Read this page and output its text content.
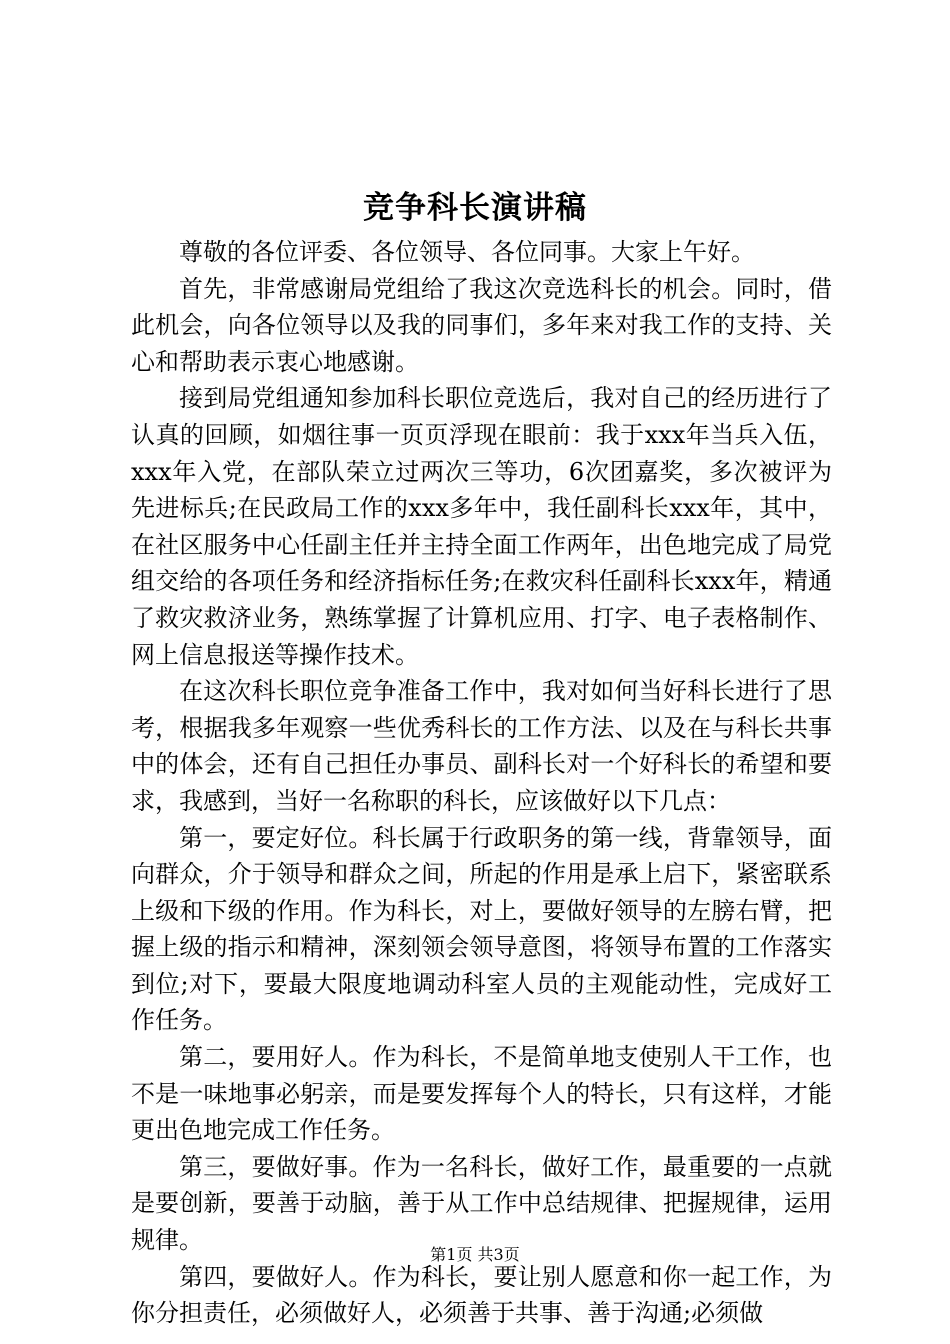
竞争科长演讲稿

尊敬的各位评委、各位领导、各位同事。大家上午好。

首先，非常感谢局党组给了我这次竞选科长的机会。同时，借此机会，向各位领导以及我的同事们，多年来对我工作的支持、关心和帮助表示衷心地感谢。

接到局党组通知参加科长职位竞选后，我对自己的经历进行了认真的回顾，如烟往事一页页浮现在眼前：我于xxx年当兵入伍，xxx年入党，在部队荣立过两次三等功，6次团嘉奖，多次被评为先进标兵;在民政局工作的xxx多年中，我任副科长xxx年，其中，在社区服务中心任副主任并主持全面工作两年，出色地完成了局党组交给的各项任务和经济指标任务;在救灾科任副科长xxx年，精通了救灾救济业务，熟练掌握了计算机应用、打字、电子表格制作、网上信息报送等操作技术。

在这次科长职位竞争准备工作中，我对如何当好科长进行了思考，根据我多年观察一些优秀科长的工作方法、以及在与科长共事中的体会，还有自己担任办事员、副科长对一个好科长的希望和要求，我感到，当好一名称职的科长，应该做好以下几点：

第一，要定好位。科长属于行政职务的第一线，背靠领导，面向群众，介于领导和群众之间，所起的作用是承上启下，紧密联系上级和下级的作用。作为科长，对上，要做好领导的左膀右臂，把握上级的指示和精神，深刻领会领导意图，将领导布置的工作落实到位;对下，要最大限度地调动科室人员的主观能动性，完成好工作任务。

第二，要用好人。作为科长，不是简单地支使别人干工作，也不是一味地事必躬亲，而是要发挥每个人的特长，只有这样，才能更出色地完成工作任务。

第三，要做好事。作为一名科长，做好工作，最重要的一点就是要创新，要善于动脑，善于从工作中总结规律、把握规律，运用规律。

第四，要做好人。作为科长，要让别人愿意和你一起工作，为你分担责任，必须做好人，必须善于共事、善于沟通;必须做

第1页 共3页
